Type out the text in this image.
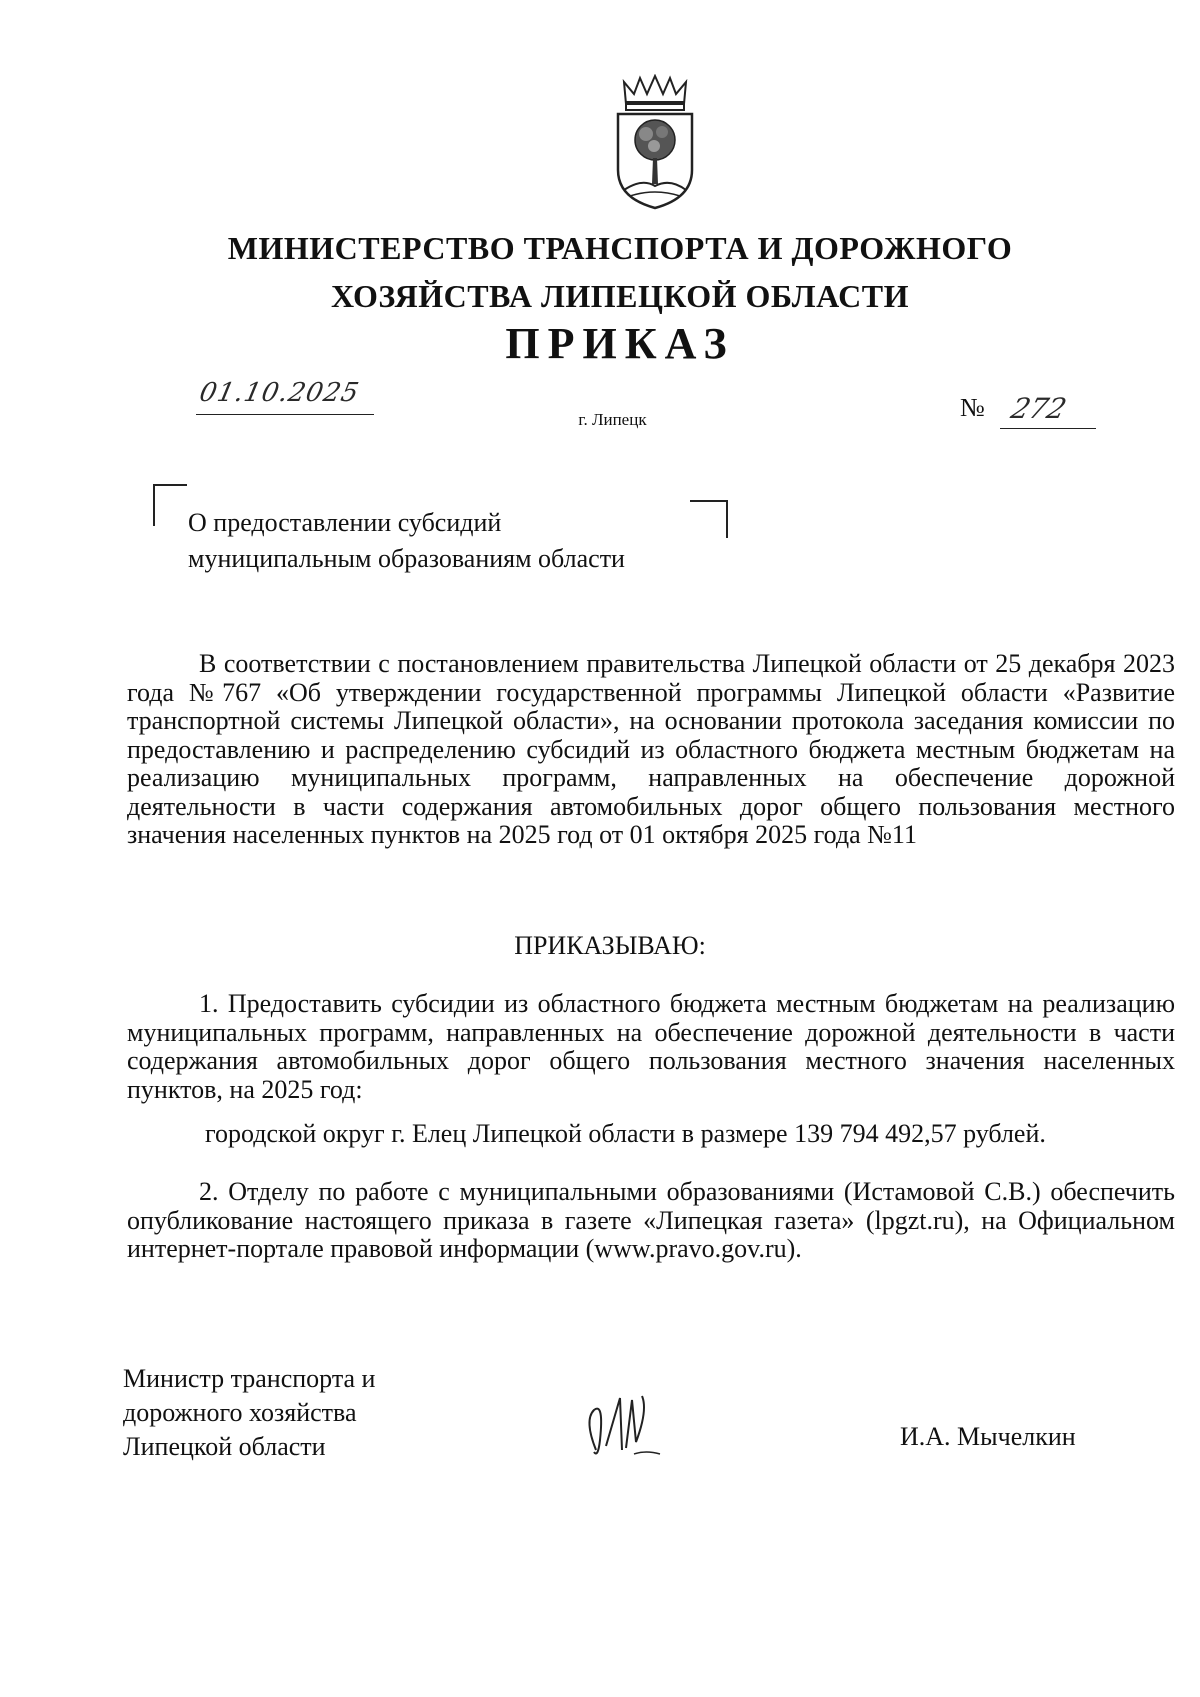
МИНИСТЕРСТВО ТРАНСПОРТА И ДОРОЖНОГО
ХОЗЯЙСТВА ЛИПЕЦКОЙ ОБЛАСТИ
ПРИКАЗ
01.10.2025
г. Липецк	№ 272
О предоставлении субсидий
муниципальным образованиям области
В соответствии с постановлением правительства Липецкой области от 25 декабря 2023 года №767 «Об утверждении государственной программы Липецкой области «Развитие транспортной системы Липецкой области», на основании протокола заседания комиссии по предоставлению и распределению субсидий из областного бюджета местным бюджетам на реализацию муниципальных программ, направленных на обеспечение дорожной деятельности в части содержания автомобильных дорог общего пользования местного значения населенных пунктов на 2025 год от 01 октября 2025 года №11
ПРИКАЗЫВАЮ:
1. Предоставить субсидии из областного бюджета местным бюджетам на реализацию муниципальных программ, направленных на обеспечение дорожной деятельности в части содержания автомобильных дорог общего пользования местного значения населенных пунктов, на 2025 год:
городской округ г. Елец Липецкой области в размере 139 794 492,57 рублей.
2. Отделу по работе с муниципальными образованиями (Истамовой С.В.) обеспечить опубликование настоящего приказа в газете «Липецкая газета» (lpgzt.ru), на Официальном интернет-портале правовой информации (www.pravo.gov.ru).
Министр транспорта и
дорожного хозяйства
Липецкой области	И.А. Мычелкин
